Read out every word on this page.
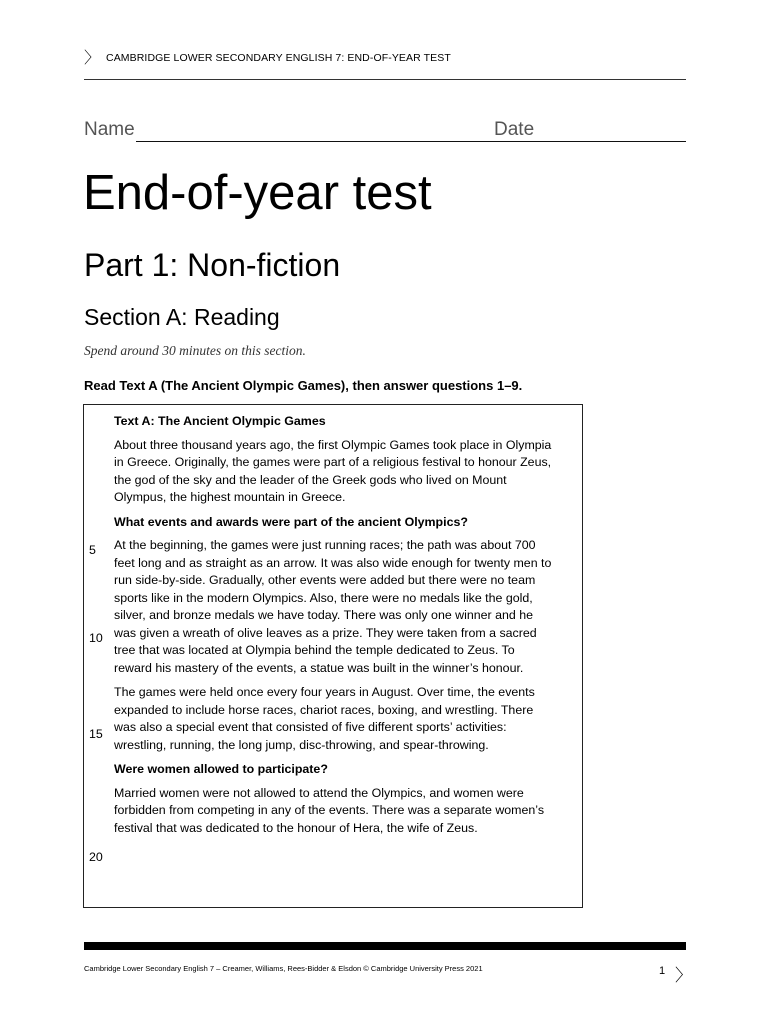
〉 CAMBRIDGE LOWER SECONDARY ENGLISH 7: END-OF-YEAR TEST
Name	Date
End-of-year test
Part 1: Non-fiction
Section A: Reading
Spend around 30 minutes on this section.
Read Text A (The Ancient Olympic Games), then answer questions 1–9.
5
10
15
20

Text A: The Ancient Olympic Games

About three thousand years ago, the first Olympic Games took place in Olympia in Greece. Originally, the games were part of a religious festival to honour Zeus, the god of the sky and the leader of the Greek gods who lived on Mount Olympus, the highest mountain in Greece.

What events and awards were part of the ancient Olympics?

At the beginning, the games were just running races; the path was about 700 feet long and as straight as an arrow. It was also wide enough for twenty men to run side-by-side. Gradually, other events were added but there were no team sports like in the modern Olympics. Also, there were no medals like the gold, silver, and bronze medals we have today. There was only one winner and he was given a wreath of olive leaves as a prize. They were taken from a sacred tree that was located at Olympia behind the temple dedicated to Zeus. To reward his mastery of the events, a statue was built in the winner’s honour.

The games were held once every four years in August. Over time, the events expanded to include horse races, chariot races, boxing, and wrestling. There was also a special event that consisted of five different sports’ activities: wrestling, running, the long jump, disc-throwing, and spear-throwing.

Were women allowed to participate?

Married women were not allowed to attend the Olympics, and women were forbidden from competing in any of the events. There was a separate women’s festival that was dedicated to the honour of Hera, the wife of Zeus.

Cambridge Lower Secondary English 7 – Creamer, Williams, Rees-Bidder & Elsdon © Cambridge University Press 2021	1 〉
